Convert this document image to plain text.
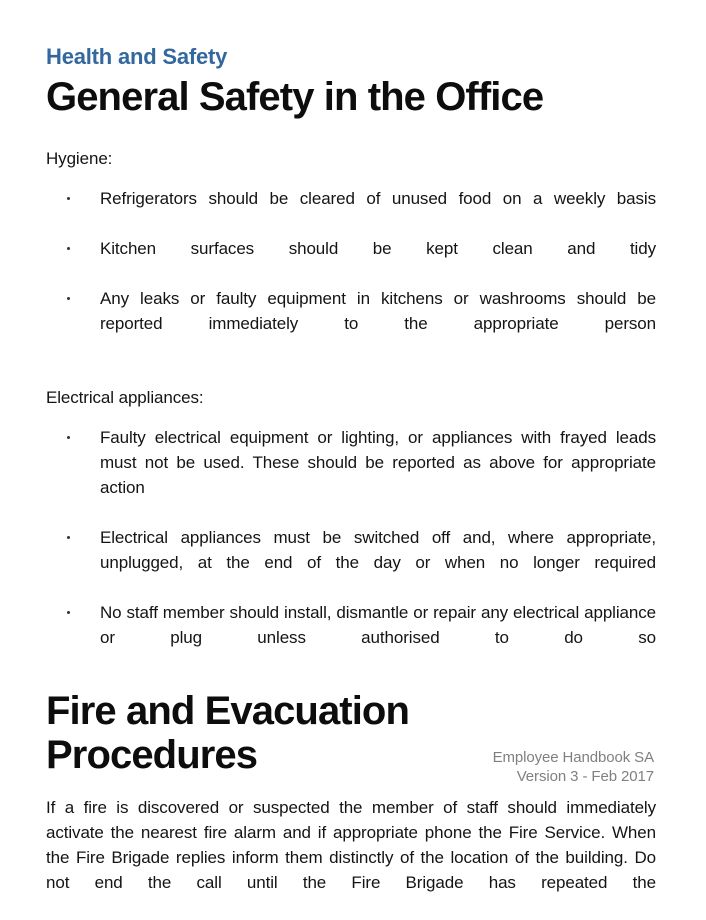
Health and Safety
General Safety in the Office

Hygiene:

Refrigerators should be cleared of unused food on a weekly basis
Kitchen surfaces should be kept clean and tidy
Any leaks or faulty equipment in kitchens or washrooms should be reported immediately to the appropriate person

Electrical appliances:

Faulty electrical equipment or lighting, or appliances with frayed leads must not be used. These should be reported as above for appropriate action
Electrical appliances must be switched off and, where appropriate, unplugged, at the end of the day or when no longer required
No staff member should install, dismantle or repair any electrical appliance or plug unless authorised to do so
Fire and Evacuation Procedures

If a fire is discovered or suspected the member of staff should immediately activate the nearest fire alarm and if appropriate phone the Fire Service. When the Fire Brigade replies inform them distinctly of the location of the building. Do not end the call until the Fire Brigade has repeated the

Employee Handbook SA
Version 3 - Feb 2017
